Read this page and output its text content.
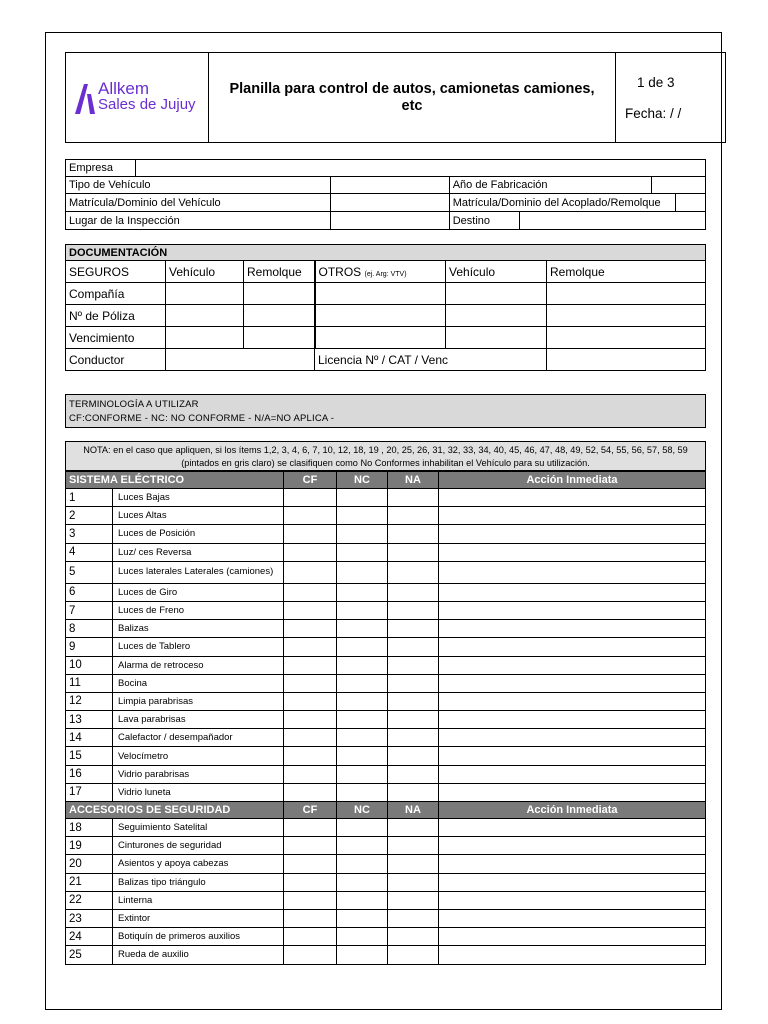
Allkem
Sales de Jujuy
	Planilla para control de autos, camionetas camiones, etc	
1 de 3
Fecha: / /
Empresa	
Tipo de Vehículo		Año de Fabricación	
Matrícula/Dominio del Vehículo			Matrícula/Dominio del Acoplado/Remolque	

Lugar de la Inspección			Destino	
DOCUMENTACIÓN					
SEGUROS	Vehículo	Remolque	OTROS (ej. Arg: VTV)	Vehículo	Remolque
Compañía					
Nº de Póliza					
Vencimiento					
Conductor			Licencia Nº / CAT / Venc		
TERMINOLOGÍA A UTILIZAR
CF:CONFORME - NC: NO CONFORME - N/A=NO APLICA -
NOTA: en el caso que apliquen, si los ítems 1,2, 3, 4, 6, 7, 10, 12, 18, 19 , 20, 25, 26, 31, 32, 33, 34, 40, 45, 46, 47, 48, 49, 52, 54, 55, 56, 57, 58, 59 (pintados en gris claro) se clasifiquen como No Conformes inhabilitan el Vehículo para su utilización.
SISTEMA ELÉCTRICO		CF	NC	NA	Acción Inmediata
1	Luces Bajas				
2	Luces Altas				
3	Luces de Posición				
4	Luz/ ces Reversa				
5	Luces laterales Laterales (camiones)				
6	Luces de Giro				
7	Luces de Freno				
8	Balizas				
9	Luces de Tablero				
10	Alarma de retroceso				
11	Bocina				
12	Limpia parabrisas				
13	Lava parabrisas				
14	Calefactor / desempañador				
15	Velocímetro				
16	Vidrio parabrisas				
17	Vidrio luneta				
ACCESORIOS DE SEGURIDAD		CF	NC	NA	Acción Inmediata
18	Seguimiento Satelital				
19	Cinturones de seguridad				
20	Asientos y apoya cabezas				
21	Balizas tipo triángulo				
22	Linterna				
23	Extintor				
24	Botiquín de primeros auxilios				
25	Rueda de auxilio				
